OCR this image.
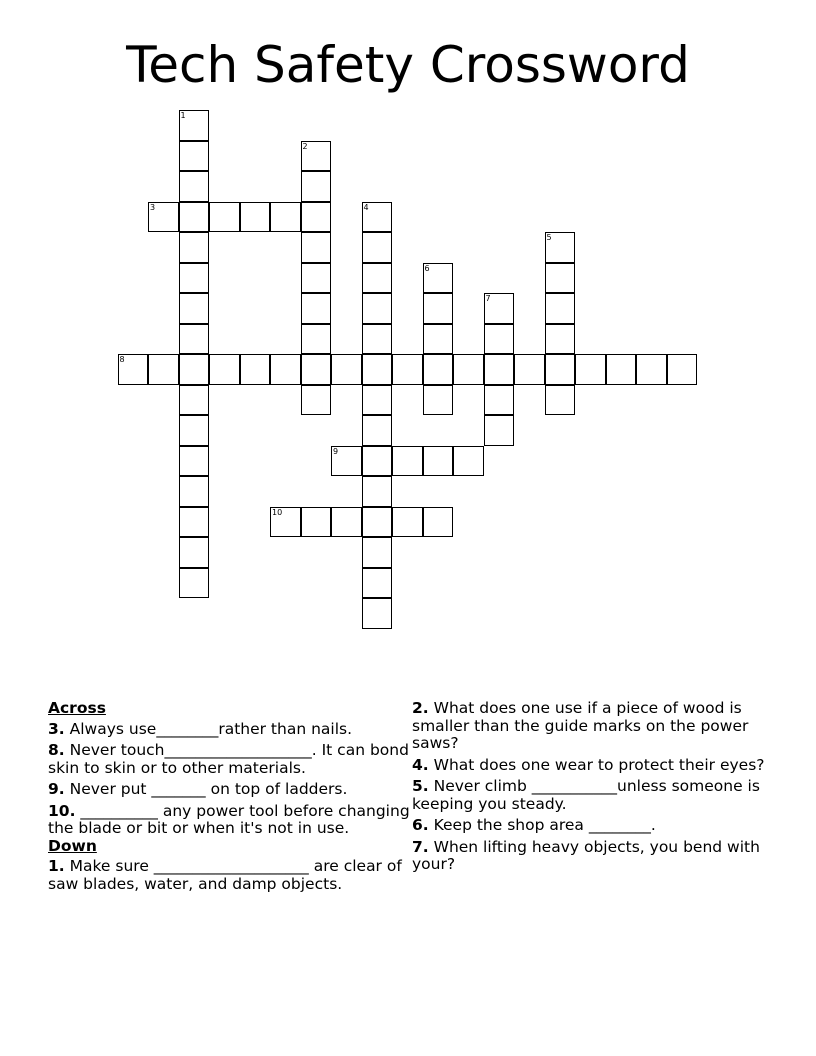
Tech Safety Crossword
1
2
3	4
5
6
7
8
9
10
Across
3. Always use________rather than nails.
8. Never touch___________________. It can bond skin to skin or to other materials.
9. Never put _______ on top of ladders.
10. __________ any power tool before changing the blade or bit or when it's not in use.
Down
1. Make sure ____________________ are clear of saw blades, water, and damp objects.
2. What does one use if a piece of wood is smaller than the guide marks on the power saws?
4. What does one wear to protect their eyes?
5. Never climb ___________unless someone is keeping you steady.
6. Keep the shop area ________.
7. When lifting heavy objects, you bend with your?
